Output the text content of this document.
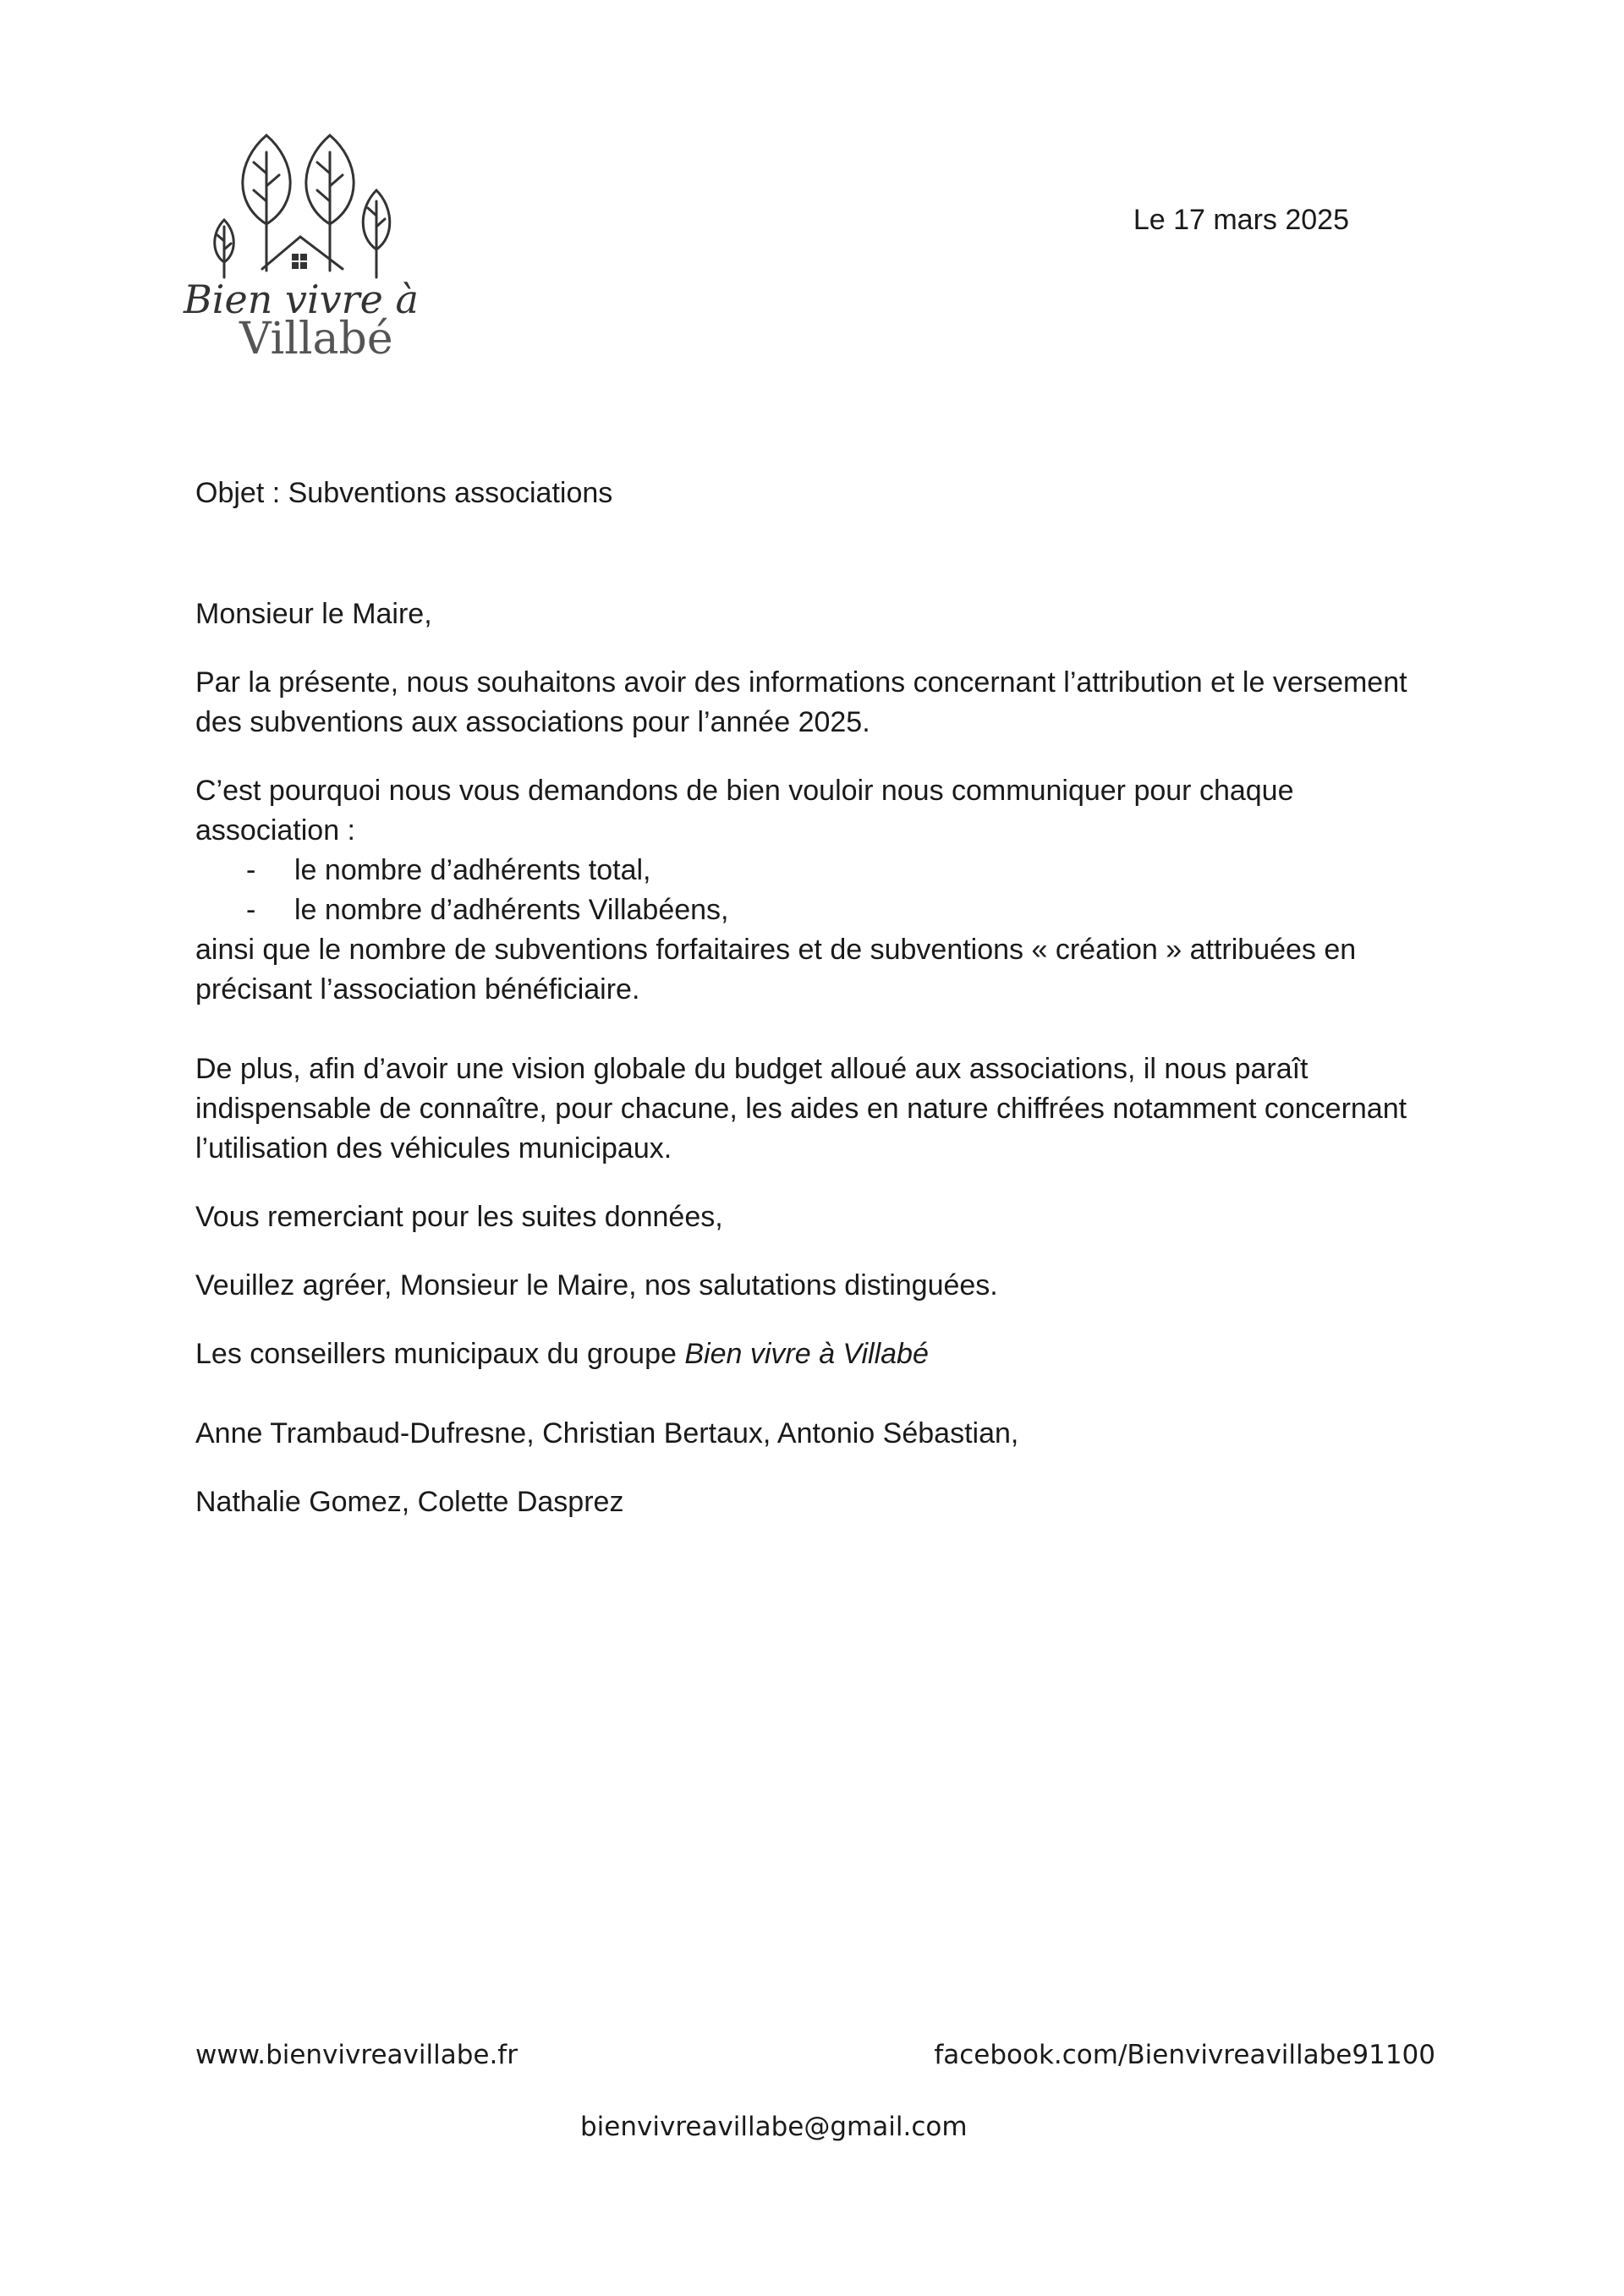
Bien vivre à
Villabé
Le 17 mars 2025

Objet : Subventions associations

Monsieur le Maire,

Par la présente, nous souhaitons avoir des informations concernant l’attribution et le versement des subventions aux associations pour l’année 2025.

C’est pourquoi nous vous demandons de bien vouloir nous communiquer pour chaque association :

- le nombre d’adhérents total,
- le nombre d’adhérents Villabéens,

ainsi que le nombre de subventions forfaitaires et de subventions « création » attribuées en précisant l’association bénéficiaire.

De plus, afin d’avoir une vision globale du budget alloué aux associations, il nous paraît indispensable de connaître, pour chacune, les aides en nature chiffrées notamment concernant l’utilisation des véhicules municipaux.

Vous remerciant pour les suites données,

Veuillez agréer, Monsieur le Maire, nos salutations distinguées.

Les conseillers municipaux du groupe Bien vivre à Villabé

Anne Trambaud-Dufresne, Christian Bertaux, Antonio Sébastian,

Nathalie Gomez, Colette Dasprez

www.bienvivreavillabe.fr	facebook.com/Bienvivreavillabe91100
bienvivreavillabe@gmail.com
